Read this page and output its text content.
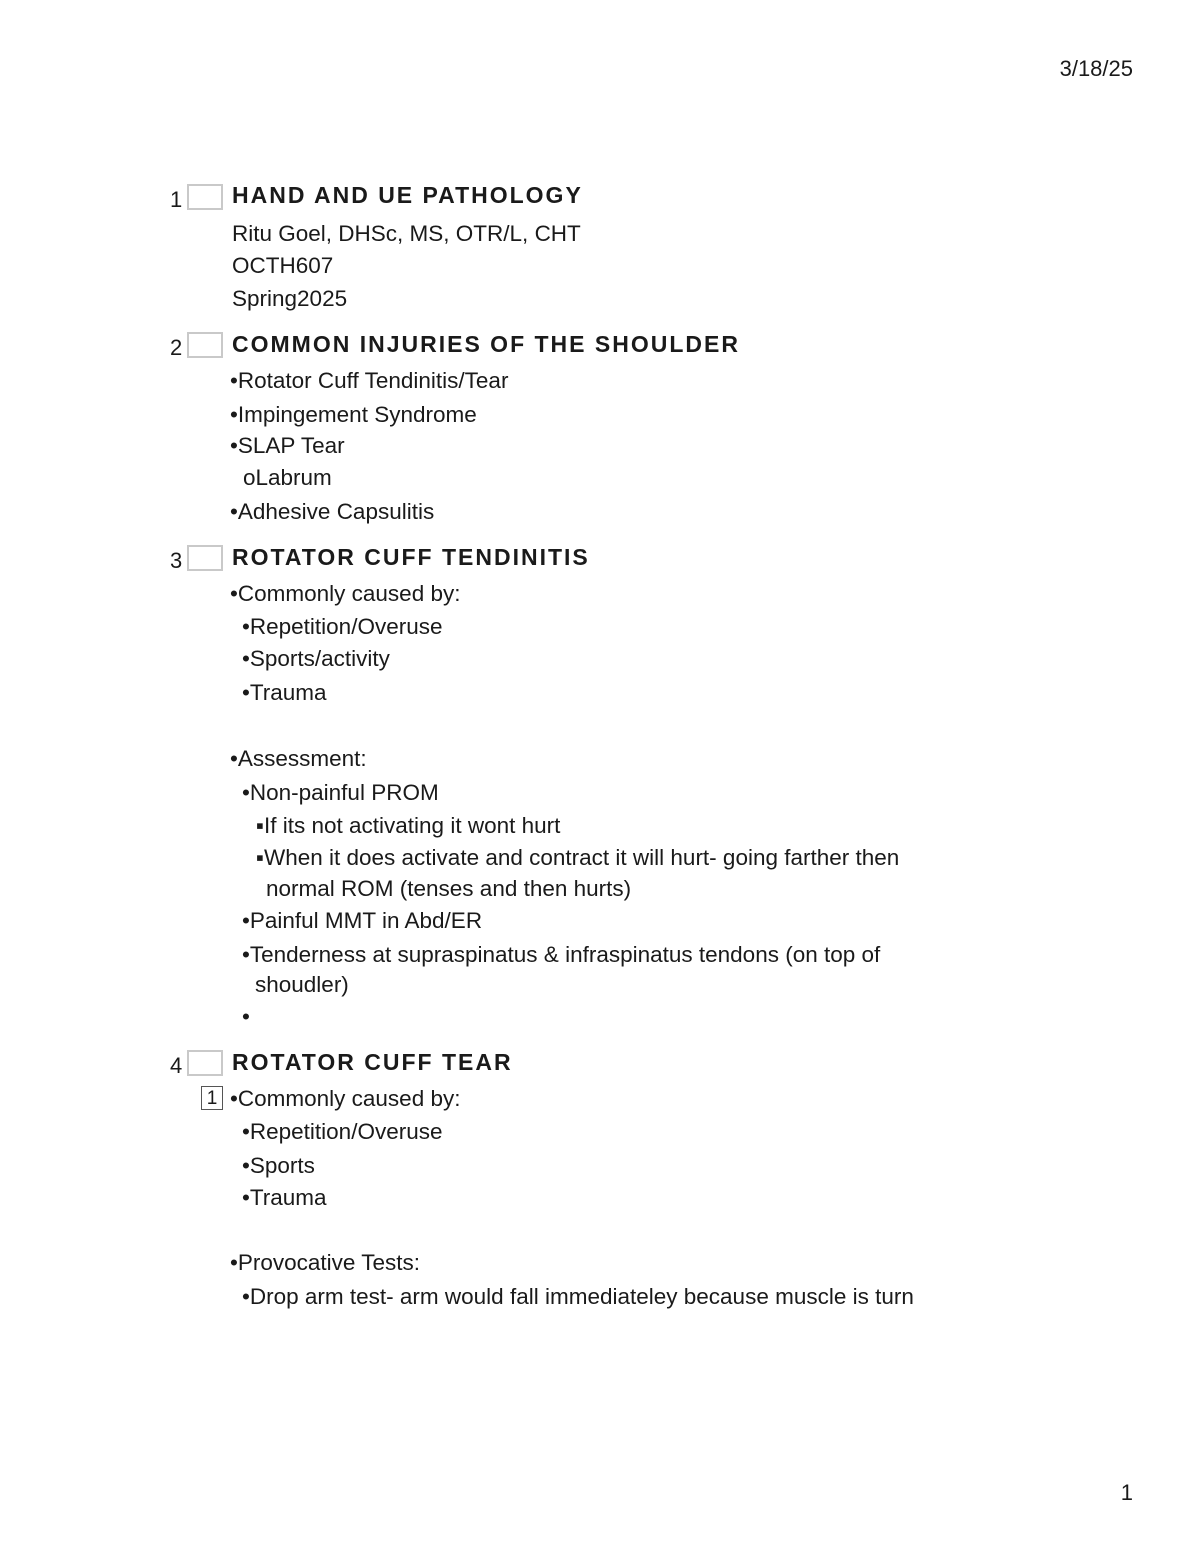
3/18/25
1 HAND AND UE PATHOLOGY
Ritu Goel, DHSc, MS, OTR/L, CHT
OCTH607
Spring2025
2 COMMON INJURIES OF THE SHOULDER
•Rotator Cuff Tendinitis/Tear
•Impingement Syndrome
•SLAP Tear
oLabrum
•Adhesive Capsulitis
3 ROTATOR CUFF TENDINITIS
•Commonly caused by:
•Repetition/Overuse
•Sports/activity
•Trauma
•Assessment:
•Non-painful PROM
▪If its not activating it wont hurt
▪When it does activate and contract it will hurt- going farther then
normal ROM (tenses and then hurts)
•Painful MMT in Abd/ER
•Tenderness at supraspinatus & infraspinatus tendons (on top of
shoudler)
•
4 ROTATOR CUFF TEAR
1 •Commonly caused by:
•Repetition/Overuse
•Sports
•Trauma
•Provocative Tests:
•Drop arm test- arm would fall immediateley because muscle is turn
1
